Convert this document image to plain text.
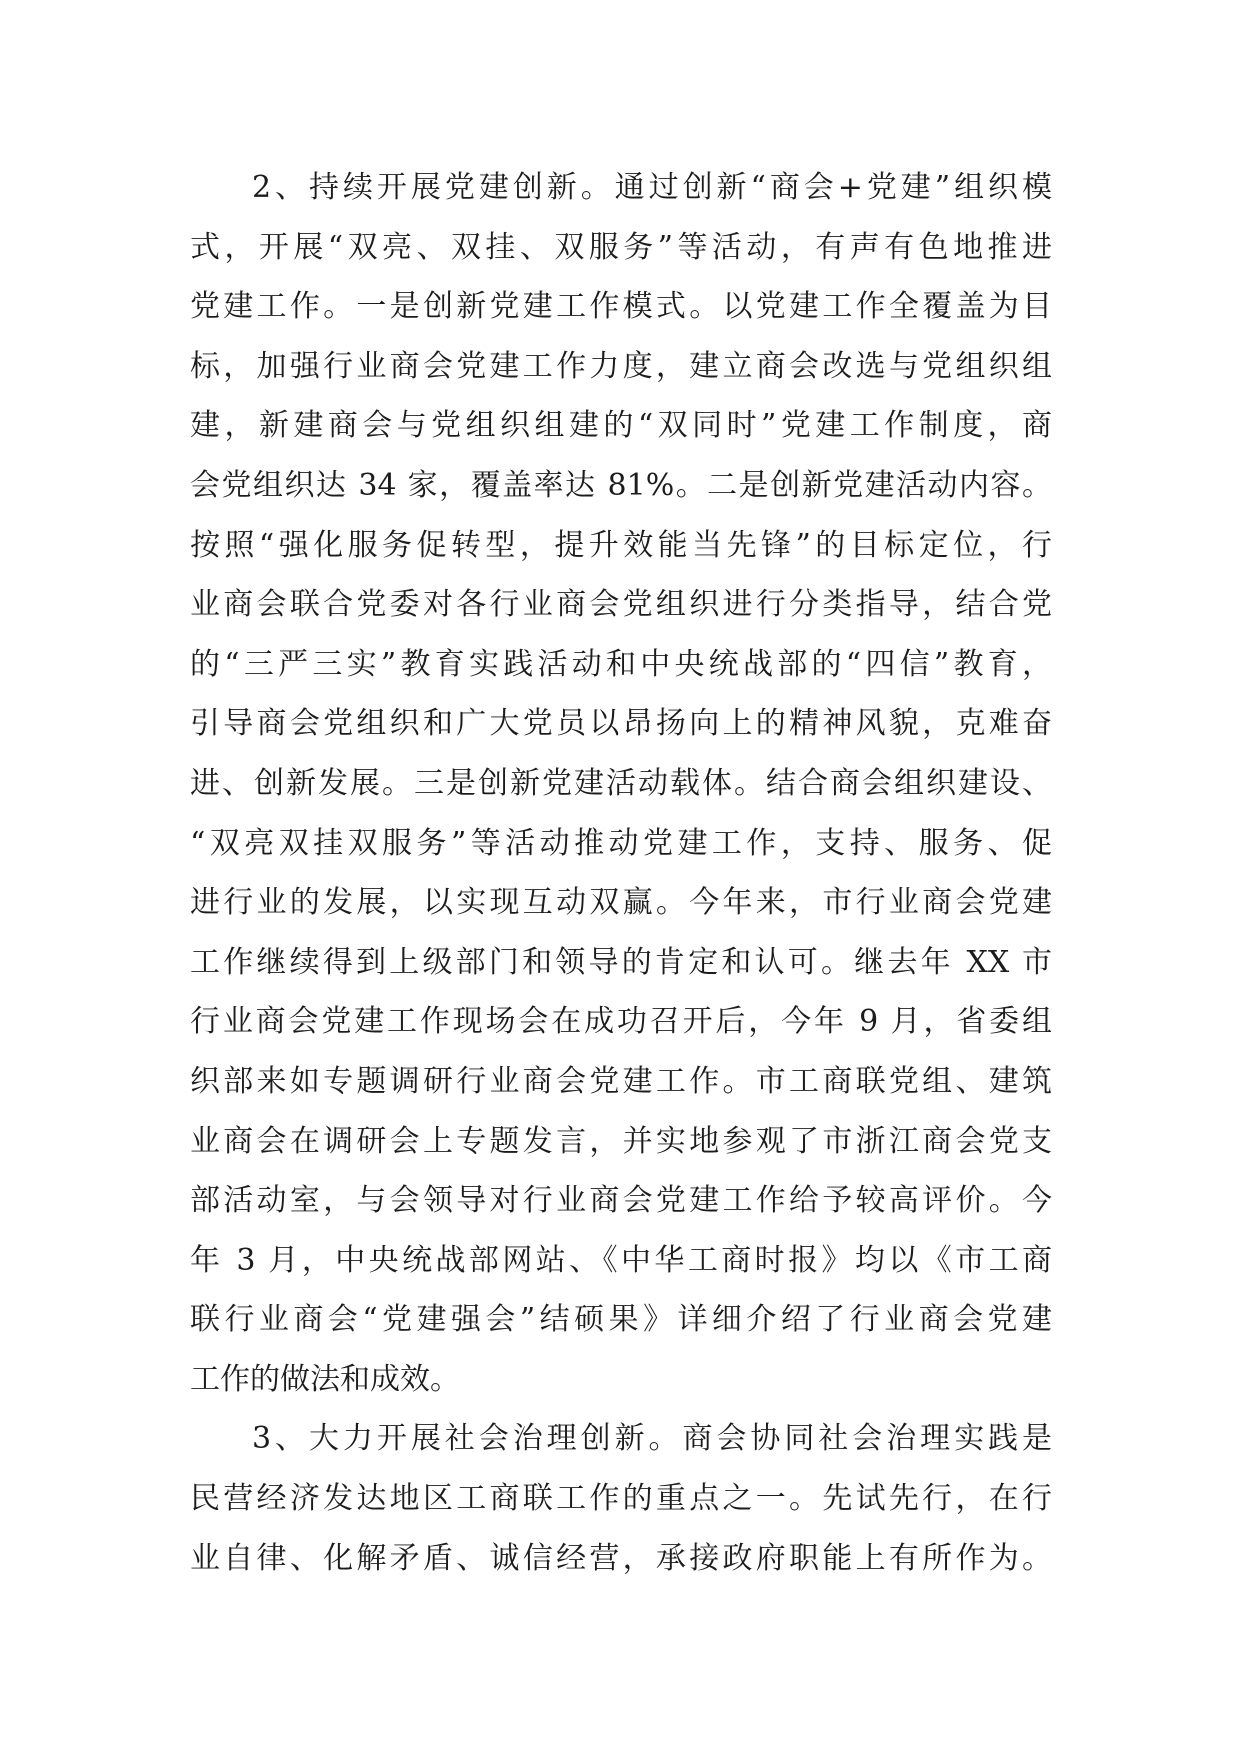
2、持续开展党建创新。通过创新“商会+党建”组织模
式，开展“双亮、双挂、双服务”等活动，有声有色地推进
党建工作。一是创新党建工作模式。以党建工作全覆盖为目
标，加强行业商会党建工作力度，建立商会改选与党组织组
建，新建商会与党组织组建的“双同时”党建工作制度，商
会党组织达 34 家，覆盖率达 81%。二是创新党建活动内容。
按照“强化服务促转型，提升效能当先锋”的目标定位，行
业商会联合党委对各行业商会党组织进行分类指导，结合党
的“三严三实”教育实践活动和中央统战部的“四信”教育，
引导商会党组织和广大党员以昂扬向上的精神风貌，克难奋
进、创新发展。三是创新党建活动载体。结合商会组织建设、
“双亮双挂双服务”等活动推动党建工作，支持、服务、促
进行业的发展，以实现互动双赢。今年来，市行业商会党建
工作继续得到上级部门和领导的肯定和认可。继去年 XX 市
行业商会党建工作现场会在成功召开后，今年 9 月，省委组
织部来如专题调研行业商会党建工作。市工商联党组、建筑
业商会在调研会上专题发言，并实地参观了市浙江商会党支
部活动室，与会领导对行业商会党建工作给予较高评价。今
年 3 月，中央统战部网站、《中华工商时报》均以《市工商
联行业商会“党建强会”结硕果》详细介绍了行业商会党建
工作的做法和成效。
3、大力开展社会治理创新。商会协同社会治理实践是
民营经济发达地区工商联工作的重点之一。先试先行，在行
业自律、化解矛盾、诚信经营，承接政府职能上有所作为。
